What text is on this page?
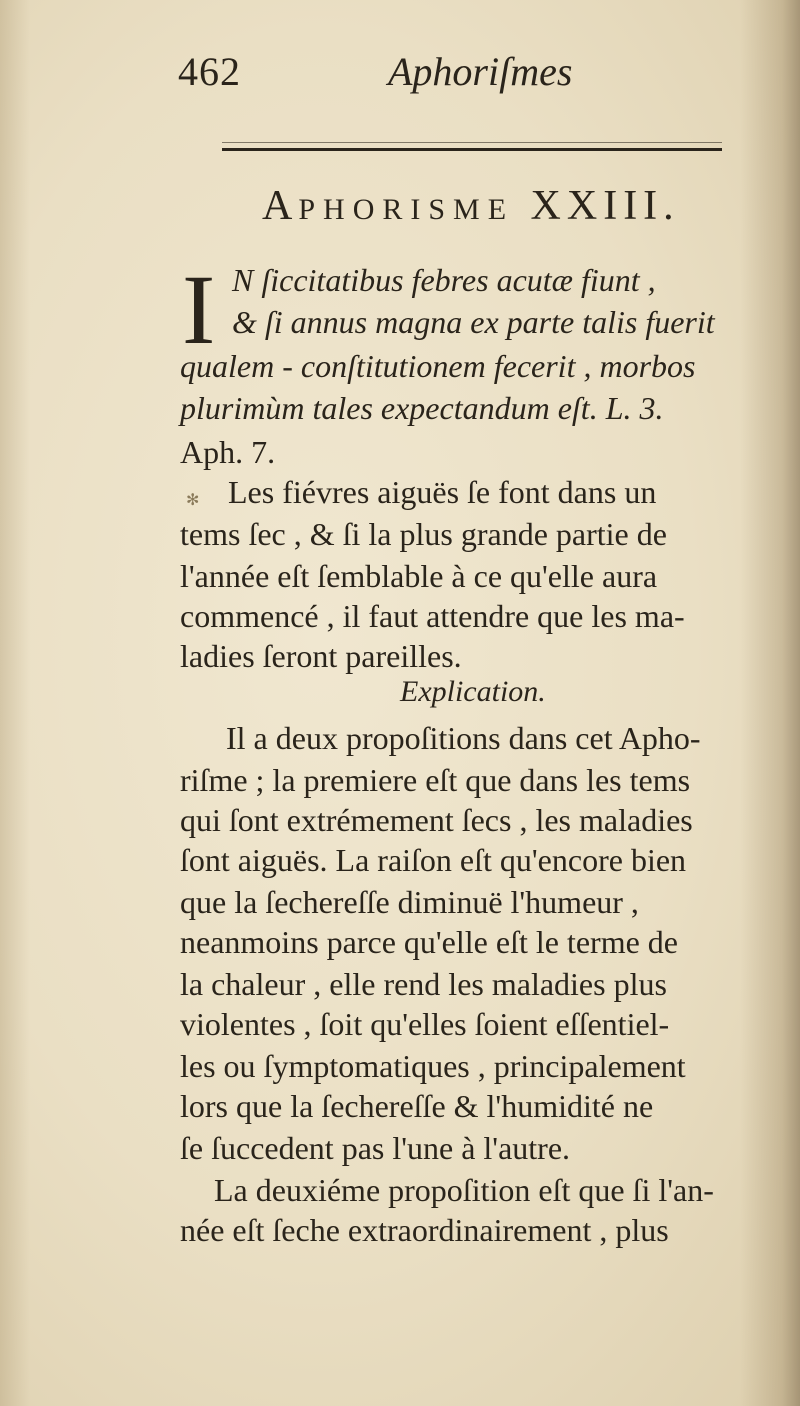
462	Aphoriſmes
APHORISME XXIII.
I N ſiccitatibus febres acutæ fiunt ,
& ſi annus magna ex parte talis fuerit
qualem - conſtitutionem fecerit , morbos
plurimùm tales expectandum eſt. L. 3.
Aph. 7.
✻ Les fiévres aiguës ſe font dans un
tems ſec , & ſi la plus grande partie de
l'année eſt ſemblable à ce qu'elle aura
commencé , il faut attendre que les ma-
ladies ſeront pareilles.
Explication.
Il a deux propoſitions dans cet Apho-
riſme ; la premiere eſt que dans les tems
qui ſont extrémement ſecs , les maladies
ſont aiguës. La raiſon eſt qu'encore bien
que la ſechereſſe diminuë l'humeur ,
neanmoins parce qu'elle eſt le terme de
la chaleur , elle rend les maladies plus
violentes , ſoit qu'elles ſoient eſſentiel-
les ou ſymptomatiques , principalement
lors que la ſechereſſe & l'humidité ne
ſe ſuccedent pas l'une à l'autre.
La deuxiéme propoſition eſt que ſi l'an-
née eſt ſeche extraordinairement , plus
